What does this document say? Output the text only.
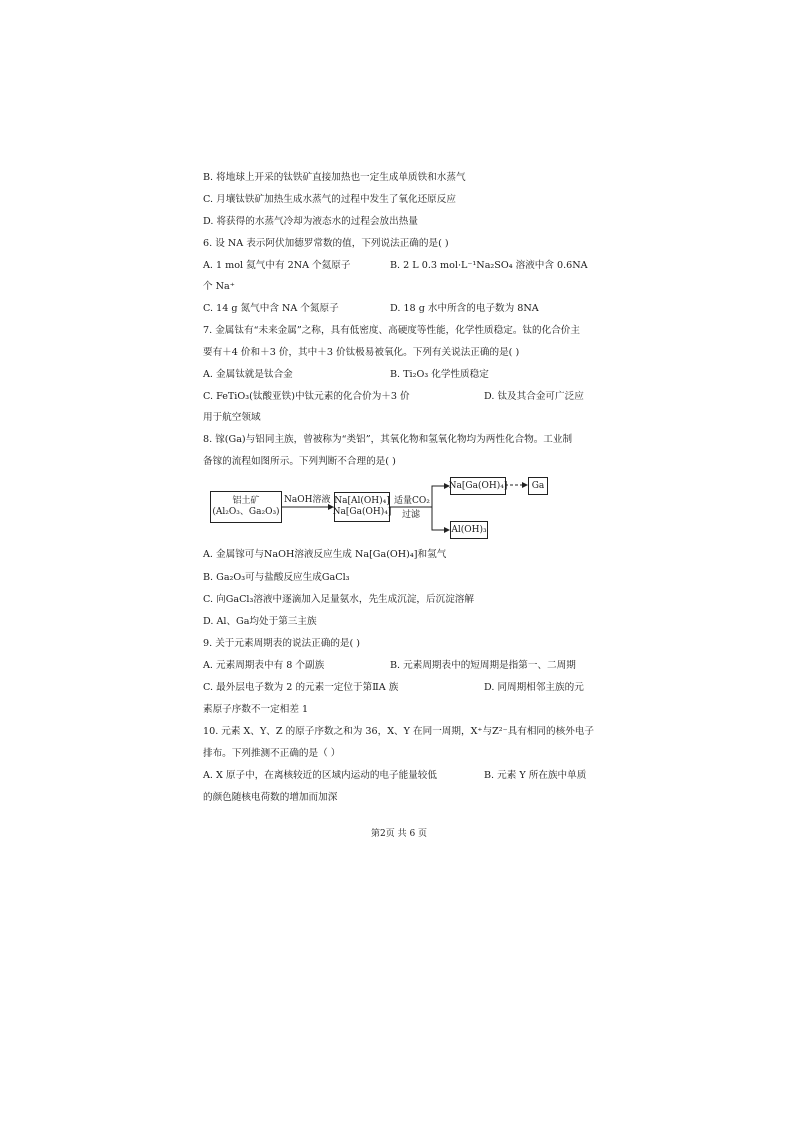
B. 将地球上开采的钛铁矿直接加热也一定生成单质铁和水蒸气
C. 月壤钛铁矿加热生成水蒸气的过程中发生了氧化还原反应
D. 将获得的水蒸气冷却为液态水的过程会放出热量
6. 设 NA 表示阿伏加德罗常数的值，下列说法正确的是( )
A. 1 mol 氦气中有 2NA 个氦原子	B. 2 L 0.3 mol·L⁻¹Na₂SO₄ 溶液中含 0.6NA
个 Na⁺
C. 14 g 氮气中含 NA 个氮原子	D. 18 g 水中所含的电子数为 8NA
7. 金属钛有“未来金属”之称，具有低密度、高硬度等性能，化学性质稳定。钛的化合价主
要有＋4 价和＋3 价，其中＋3 价钛极易被氧化。下列有关说法正确的是( )
A. 金属钛就是钛合金	B. Ti₂O₃ 化学性质稳定
C. FeTiO₃(钛酸亚铁)中钛元素的化合价为＋3 价	D. 钛及其合金可广泛应
用于航空领域
8. 镓(Ga)与铝同主族，曾被称为“类铝”，其氧化物和氢氧化物均为两性化合物。工业制
备镓的流程如图所示。下列判断不合理的是( )
铝土矿
(Al₂O₃、Ga₂O₃)
NaOH溶液 Na[Al(OH)₄]
Na[Ga(OH)₄]
适量CO₂
过滤
Na[Ga(OH)₄]	Ga
Al(OH)₃
A. 金属镓可与NaOH溶液反应生成 Na[Ga(OH)₄]和氢气
B. Ga₂O₃可与盐酸反应生成GaCl₃
C. 向GaCl₃溶液中逐滴加入足量氨水，先生成沉淀，后沉淀溶解
D. Al、Ga均处于第三主族
9. 关于元素周期表的说法正确的是( )
A. 元素周期表中有 8 个副族	B. 元素周期表中的短周期是指第一、二周期
C. 最外层电子数为 2 的元素一定位于第ⅡA 族	D. 同周期相邻主族的元
素原子序数不一定相差 1
10. 元素 X、Y、Z 的原子序数之和为 36，X、Y 在同一周期，X⁺与Z²⁻具有相同的核外电子
排布。下列推测不正确的是（ ）
A. X 原子中，在离核较近的区域内运动的电子能量较低	B. 元素 Y 所在族中单质
的颜色随核电荷数的增加而加深
第2页 共 6 页
